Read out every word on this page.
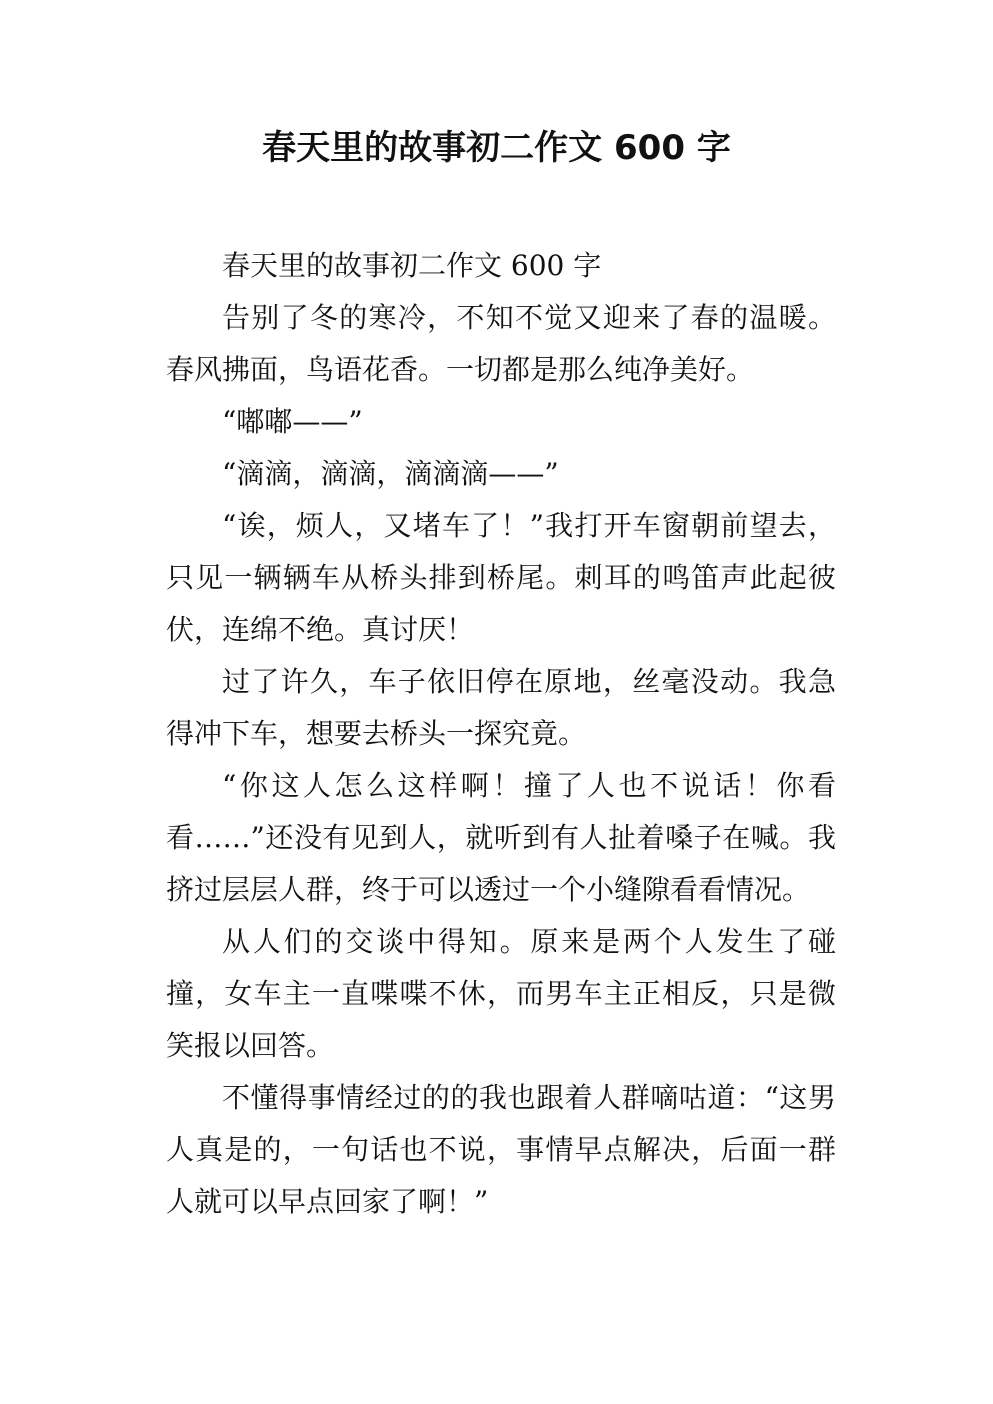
春天里的故事初二作文 600 字

春天里的故事初二作文 600 字

告别了冬的寒冷，不知不觉又迎来了春的温暖。春风拂面，鸟语花香。一切都是那么纯净美好。

“嘟嘟——”

“滴滴，滴滴，滴滴滴——”

“诶，烦人，又堵车了！”我打开车窗朝前望去，只见一辆辆车从桥头排到桥尾。刺耳的鸣笛声此起彼伏，连绵不绝。真讨厌！

过了许久，车子依旧停在原地，丝毫没动。我急得冲下车，想要去桥头一探究竟。

“你这人怎么这样啊！撞了人也不说话！你看看……”还没有见到人，就听到有人扯着嗓子在喊。我挤过层层人群，终于可以透过一个小缝隙看看情况。

从人们的交谈中得知。原来是两个人发生了碰撞，女车主一直喋喋不休，而男车主正相反，只是微笑报以回答。

不懂得事情经过的的我也跟着人群嘀咕道：“这男人真是的，一句话也不说，事情早点解决，后面一群人就可以早点回家了啊！”
